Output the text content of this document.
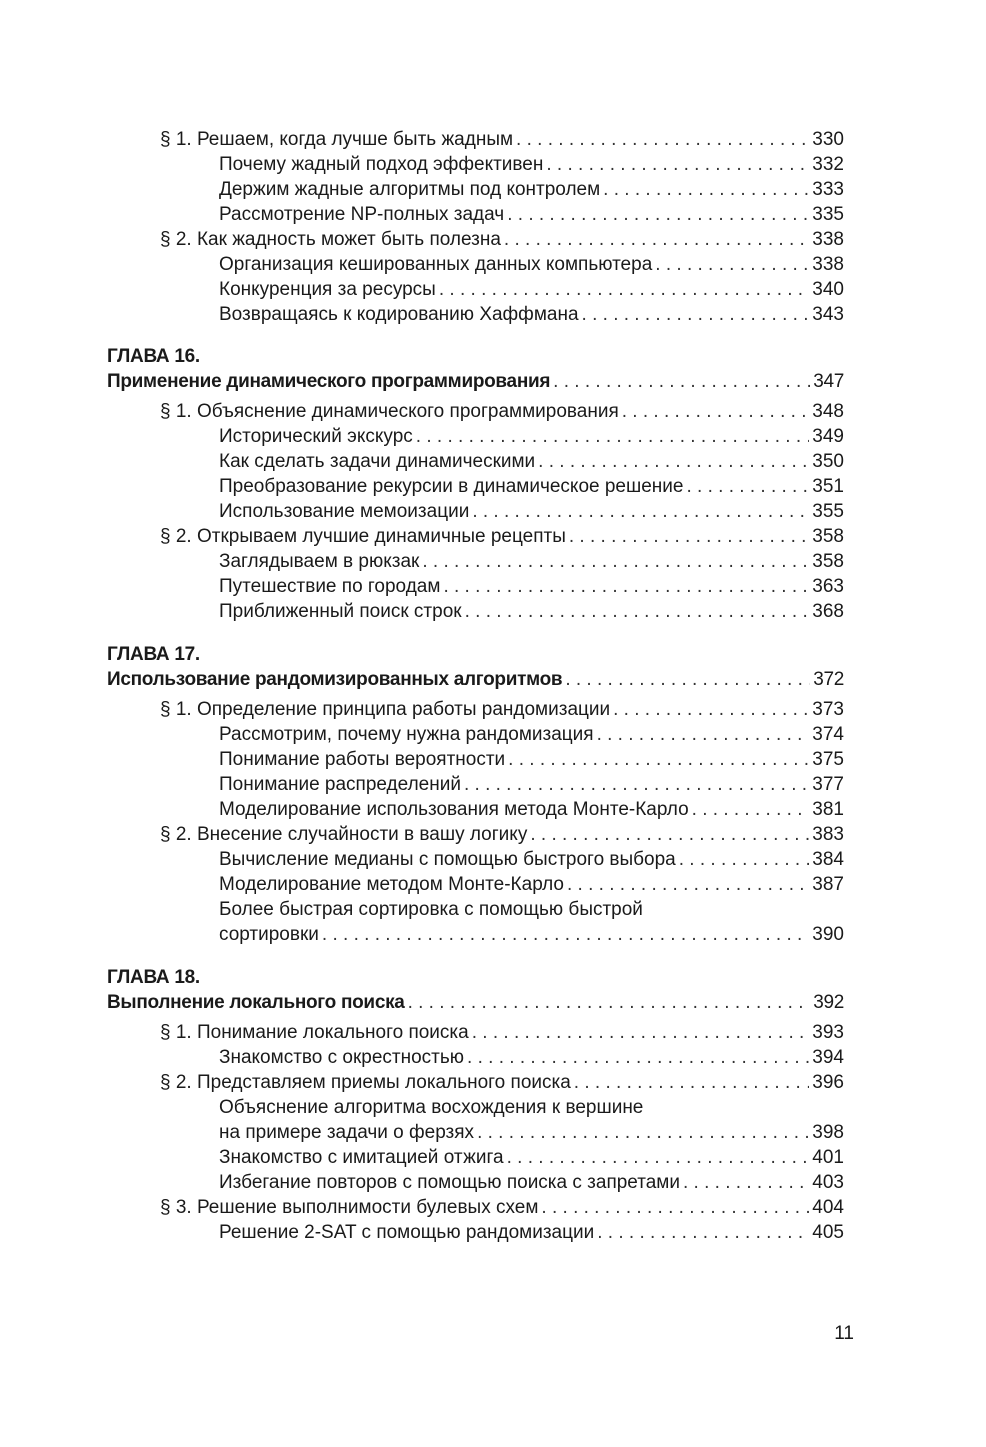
§ 1. Решаем, когда лучше быть жадным . . .	330
Почему жадный подход эффективен . . .	332
Держим жадные алгоритмы под контролем . . .	333
Рассмотрение NP-полных задач . . .	335
§ 2. Как жадность может быть полезна . . .	338
Организация кешированных данных компьютера . . .	338
Конкуренция за ресурсы . . .	340
Возвращаясь к кодированию Хаффмана . . .	343
ГЛАВА 16.
Применение динамического программирования . . .	347
§ 1. Объяснение динамического программирования . . .	348
Исторический экскурс . . .	349
Как сделать задачи динамическими . . .	350
Преобразование рекурсии в динамическое решение . . .	351
Использование мемоизации . . .	355
§ 2. Открываем лучшие динамичные рецепты . . .	358
Заглядываем в рюкзак . . .	358
Путешествие по городам . . .	363
Приближенный поиск строк . . .	368
ГЛАВА 17.
Использование рандомизированных алгоритмов . . .	372
§ 1. Определение принципа работы рандомизации . . .	373
Рассмотрим, почему нужна рандомизация . . .	374
Понимание работы вероятности . . .	375
Понимание распределений . . .	377
Моделирование использования метода Монте-Карло . . .	381
§ 2. Внесение случайности в вашу логику . . .	383
Вычисление медианы с помощью быстрого выбора . . .	384
Моделирование методом Монте-Карло . . .	387
Более быстрая сортировка с помощью быстрой
сортировки . . .	390
ГЛАВА 18.
Выполнение локального поиска . . .	392
§ 1. Понимание локального поиска . . .	393
Знакомство с окрестностью . . .	394
§ 2. Представляем приемы локального поиска . . .	396
Объяснение алгоритма восхождения к вершине
на примере задачи о ферзях . . .	398
Знакомство с имитацией отжига . . .	401
Избегание повторов с помощью поиска с запретами . . .	403
§ 3. Решение выполнимости булевых схем . . .	404
Решение 2-SAT с помощью рандомизации . . .	405
11
